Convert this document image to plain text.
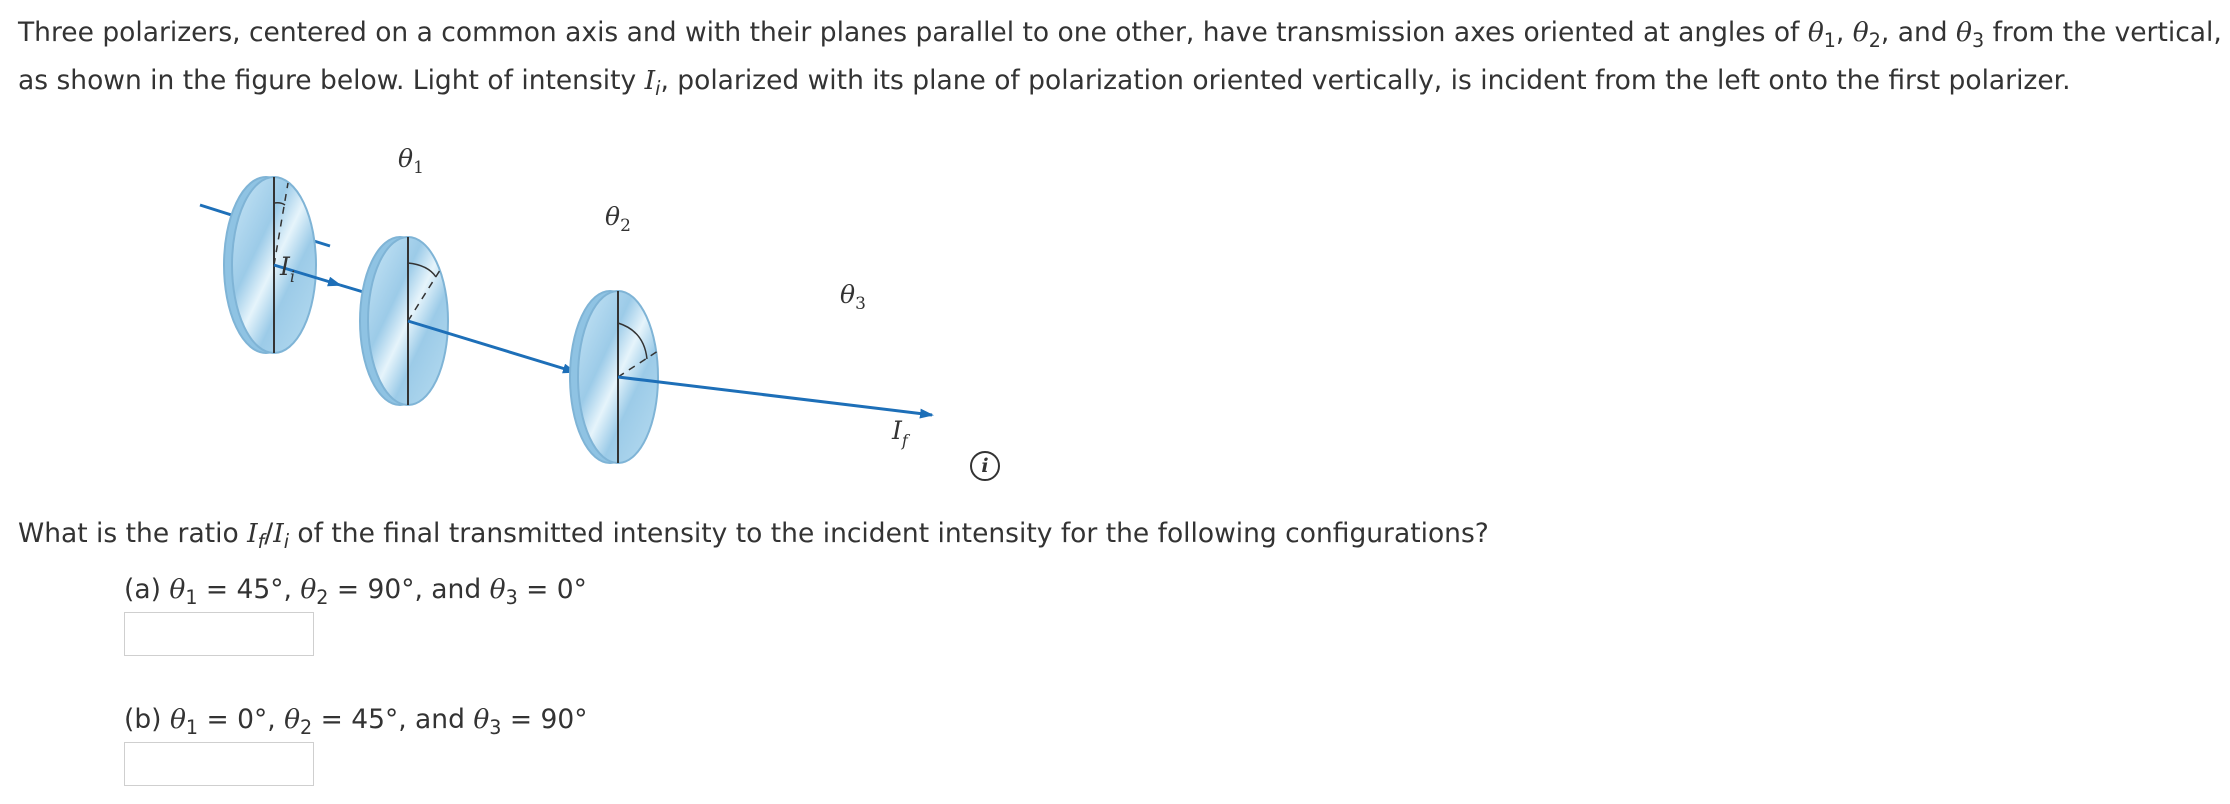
Three polarizers, centered on a common axis and with their planes parallel to one other, have transmission axes oriented at angles of $\theta_1$, $\theta_2$, and $\theta_3$ from the vertical,
as shown in the figure below. Light of intensity $I_i$, polarized with its plane of polarization oriented vertically, is incident from the left onto the first polarizer.
$\theta_1$
$\theta_2$
$\theta_3$
$I_i$
$I_f$
i
What is the ratio $I_f/I_i$ of the final transmitted intensity to the incident intensity for the following configurations?
(a) $\theta_1 = 45^\circ$, $\theta_2 = 90^\circ$, and $\theta_3 = 0^\circ$
(b) $\theta_1 = 0^\circ$, $\theta_2 = 45^\circ$, and $\theta_3 = 90^\circ$
